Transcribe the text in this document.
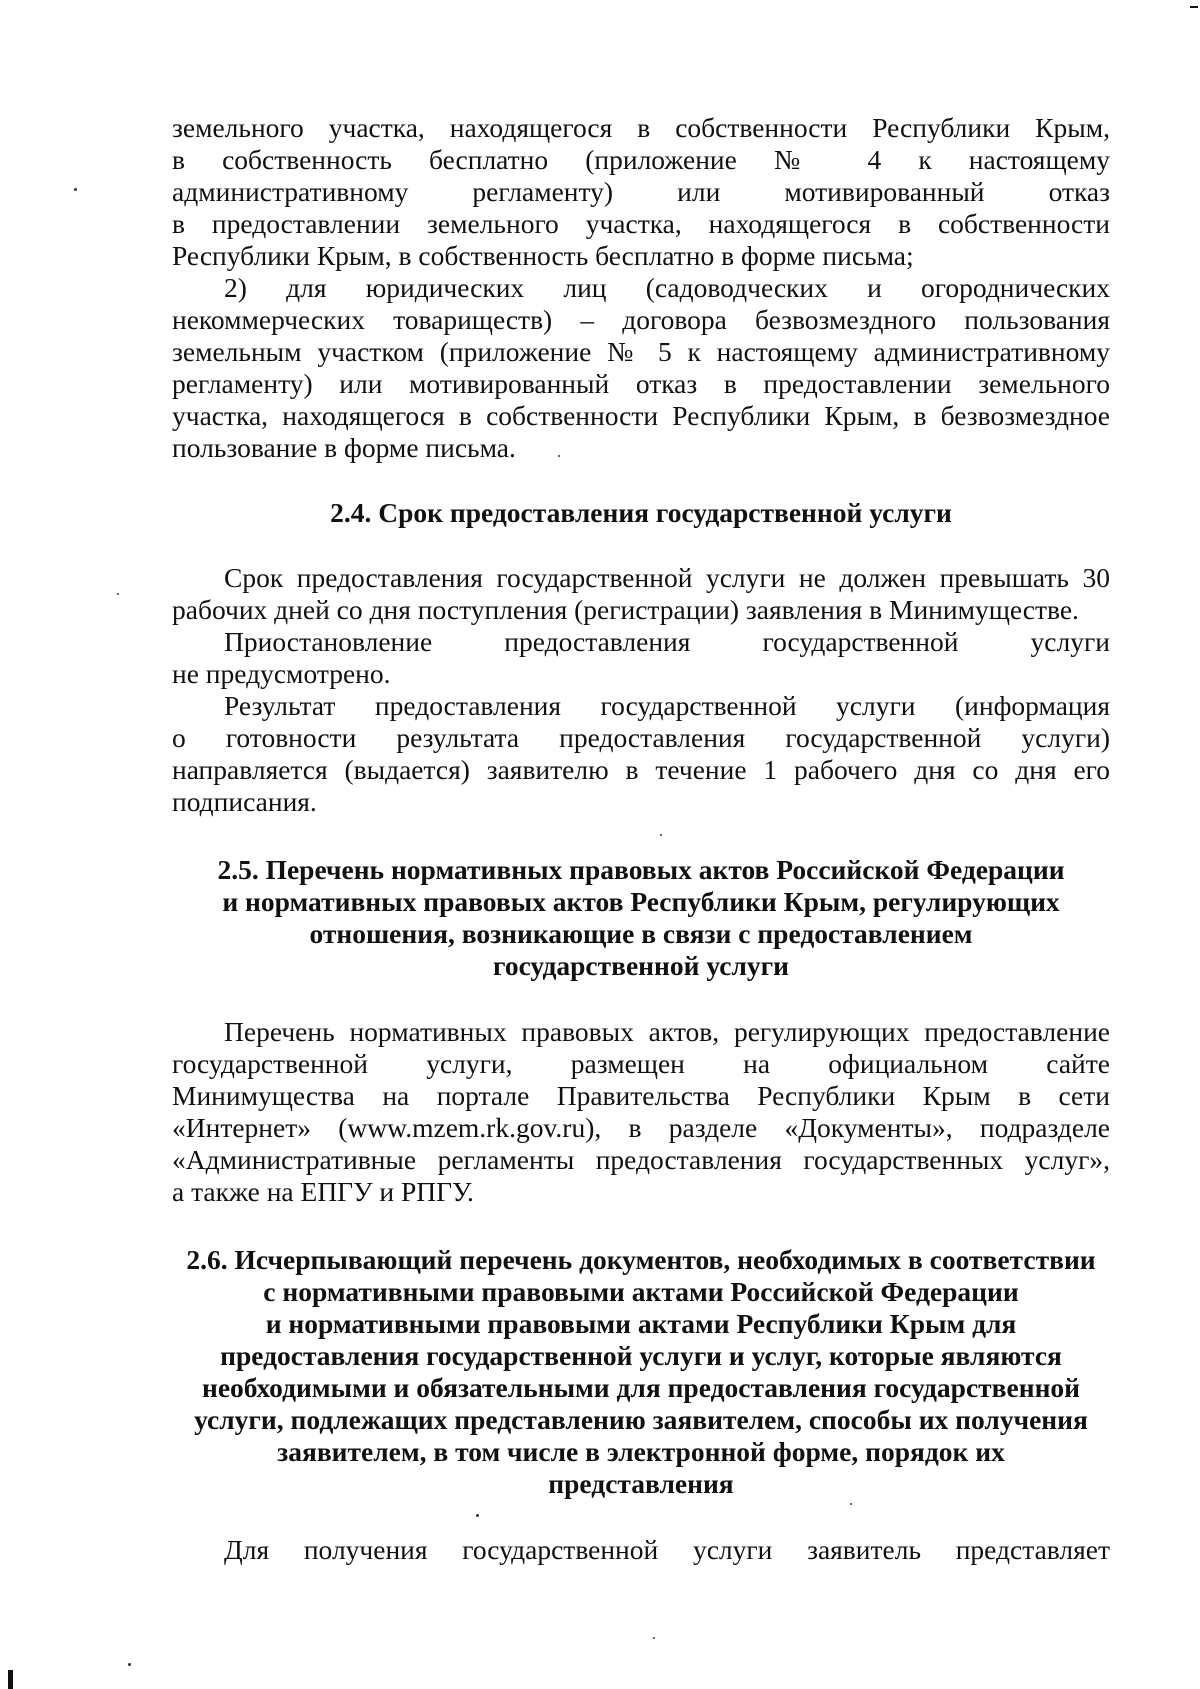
земельного участка, находящегося в собственности Республики Крым,
в собственность бесплатно (приложение № 4 к настоящему
административному регламенту) или мотивированный отказ
в предоставлении земельного участка, находящегося в собственности
Республики Крым, в собственность бесплатно в форме письма;
2) для юридических лиц (садоводческих и огороднических
некоммерческих товариществ) – договора безвозмездного пользования
земельным участком (приложение № 5 к настоящему административному
регламенту) или мотивированный отказ в предоставлении земельного
участка, находящегося в собственности Республики Крым, в безвозмездное
пользование в форме письма.
2.4. Срок предоставления государственной услуги
Срок предоставления государственной услуги не должен превышать 30
рабочих дней со дня поступления (регистрации) заявления в Минимуществе.
Приостановление предоставления государственной услуги
не предусмотрено.
Результат предоставления государственной услуги (информация
о готовности результата предоставления государственной услуги)
направляется (выдается) заявителю в течение 1 рабочего дня со дня его
подписания.
2.5. Перечень нормативных правовых актов Российской Федерации
и нормативных правовых актов Республики Крым, регулирующих
отношения, возникающие в связи с предоставлением
государственной услуги
Перечень нормативных правовых актов, регулирующих предоставление
государственной услуги, размещен на официальном сайте
Минимущества на портале Правительства Республики Крым в сети
«Интернет» (www.mzem.rk.gov.ru), в разделе «Документы», подразделе
«Административные регламенты предоставления государственных услуг»,
а также на ЕПГУ и РПГУ.
2.6. Исчерпывающий перечень документов, необходимых в соответствии
с нормативными правовыми актами Российской Федерации
и нормативными правовыми актами Республики Крым для
предоставления государственной услуги и услуг, которые являются
необходимыми и обязательными для предоставления государственной
услуги, подлежащих представлению заявителем, способы их получения
заявителем, в том числе в электронной форме, порядок их
представления
Для получения государственной услуги заявитель представляет
